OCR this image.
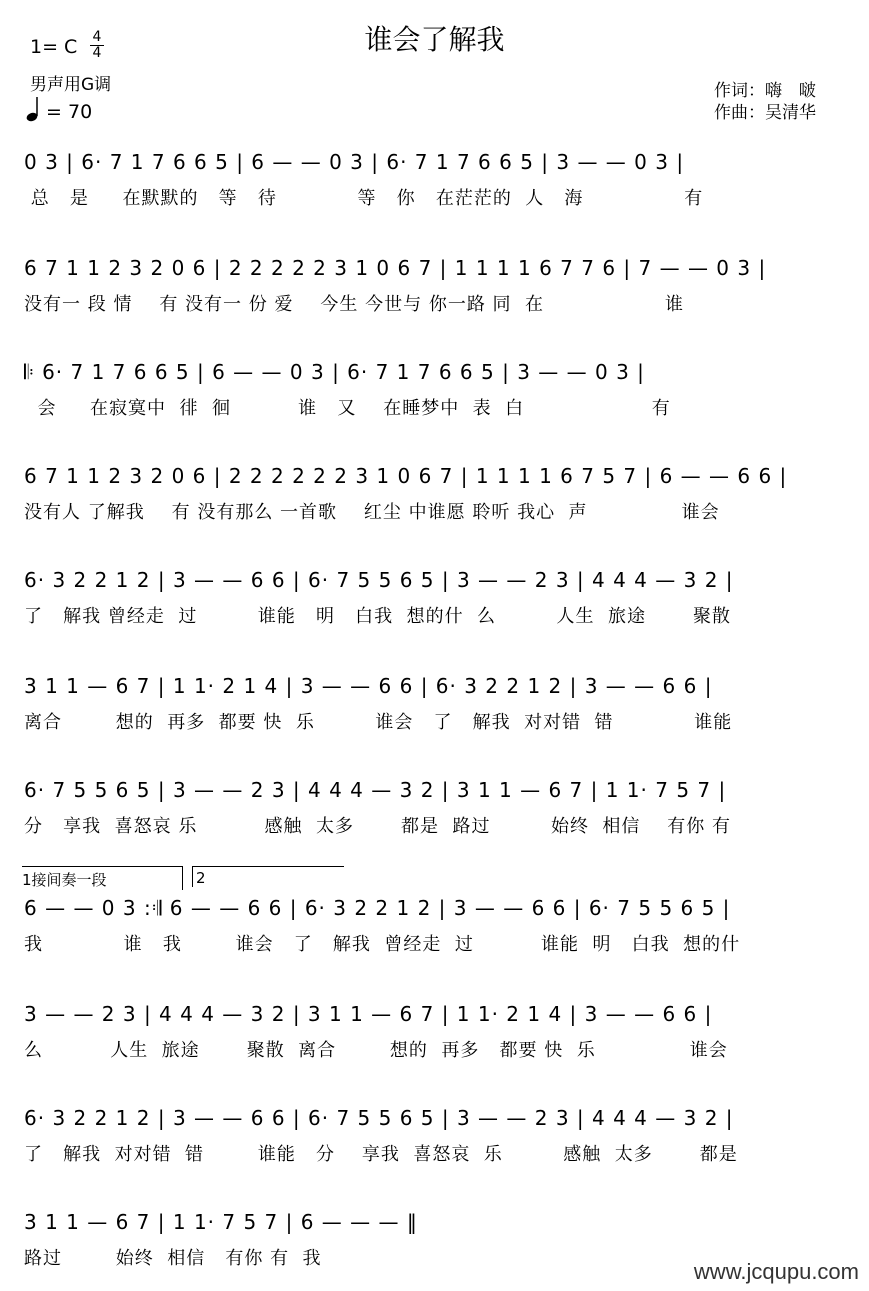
谁会了解我
1= C $\frac{4}{4}$
男声用G调
= 70
作词：嗨　啵
作曲：吴清华
0 3 | 6· 7 1 7 6 6 5 | 6 — — 0 3 | 6· 7 1 7 6 6 5 | 3 — — 0 3 |
总   是     在默默的   等   待            等   你   在茫茫的  人   海               有
6 7 1 1 2 3 2 0 6 | 2 2 2 2 2 3 1 0 6 7 | 1 1 1 1 6 7 7 6 | 7 — — 0 3 |
没有一 段 情    有 没有一 份 爱    今生 今世与 你一路 同  在                  谁
𝄆 6· 7 1 7 6 6 5 | 6 — — 0 3 | 6· 7 1 7 6 6 5 | 3 — — 0 3 |
会     在寂寞中  徘  徊          谁   又    在睡梦中  表  白                   有
6 7 1 1 2 3 2 0 6 | 2 2 2 2 2 2 3 1 0 6 7 | 1 1 1 1 6 7 5 7 | 6 — — 6 6 |
没有人 了解我    有 没有那么 一首歌    红尘 中谁愿 聆听 我心  声              谁会
6· 3 2 2 1 2 | 3 — — 6 6 | 6· 7 5 5 6 5 | 3 — — 2 3 | 4 4 4 — 3 2 |
了   解我 曾经走  过         谁能   明   白我  想的什  么         人生  旅途       聚散
3 1 1 — 6 7 | 1 1· 2 1 4 | 3 — — 6 6 | 6· 3 2 2 1 2 | 3 — — 6 6 |
离合        想的  再多  都要 快  乐         谁会   了   解我  对对错  错            谁能
6· 7 5 5 6 5 | 3 — — 2 3 | 4 4 4 — 3 2 | 3 1 1 — 6 7 | 1 1· 7 5 7 |
分   享我  喜怒哀 乐          感触  太多       都是  路过         始终  相信    有你 有
1接间奏一段	2
6 — — 0 3 :𝄇 6 — — 6 6 | 6· 3 2 2 1 2 | 3 — — 6 6 | 6· 7 5 5 6 5 |
我            谁   我        谁会   了   解我  曾经走  过          谁能  明   白我  想的什
3 — — 2 3 | 4 4 4 — 3 2 | 3 1 1 — 6 7 | 1 1· 2 1 4 | 3 — — 6 6 |
么          人生  旅途       聚散  离合        想的  再多   都要 快  乐              谁会
6· 3 2 2 1 2 | 3 — — 6 6 | 6· 7 5 5 6 5 | 3 — — 2 3 | 4 4 4 — 3 2 |
了   解我  对对错  错        谁能   分    享我  喜怒哀  乐         感触  太多       都是
3 1 1 — 6 7 | 1 1· 7 5 7 | 6 — — — ‖
路过        始终  相信   有你 有  我
www.jcqupu.com
